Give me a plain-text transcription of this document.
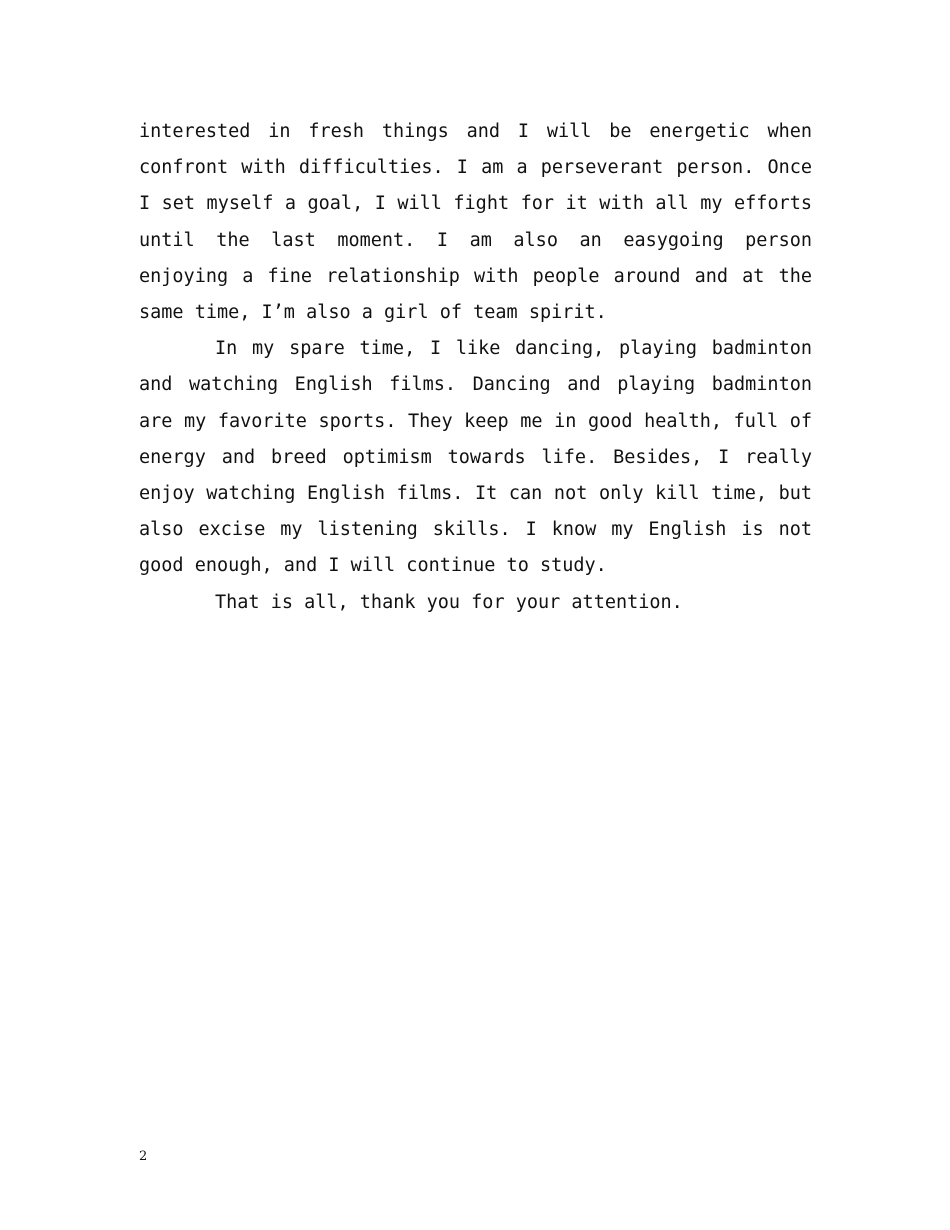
interested in fresh things and I will be energetic when confront with difficulties. I am a perseverant person. Once I set myself a goal, I will fight for it with all my efforts until the last moment. I am also an easygoing person enjoying a fine relationship with people around and at the same time, I’m also a girl of team spirit.

In my spare time, I like dancing, playing badminton and watching English films. Dancing and playing badminton are my favorite sports. They keep me in good health, full of energy and breed optimism towards life. Besides, I really enjoy watching English films. It can not only kill time, but also excise my listening skills. I know my English is not good enough, and I will continue to study.

That is all, thank you for your attention.

2
